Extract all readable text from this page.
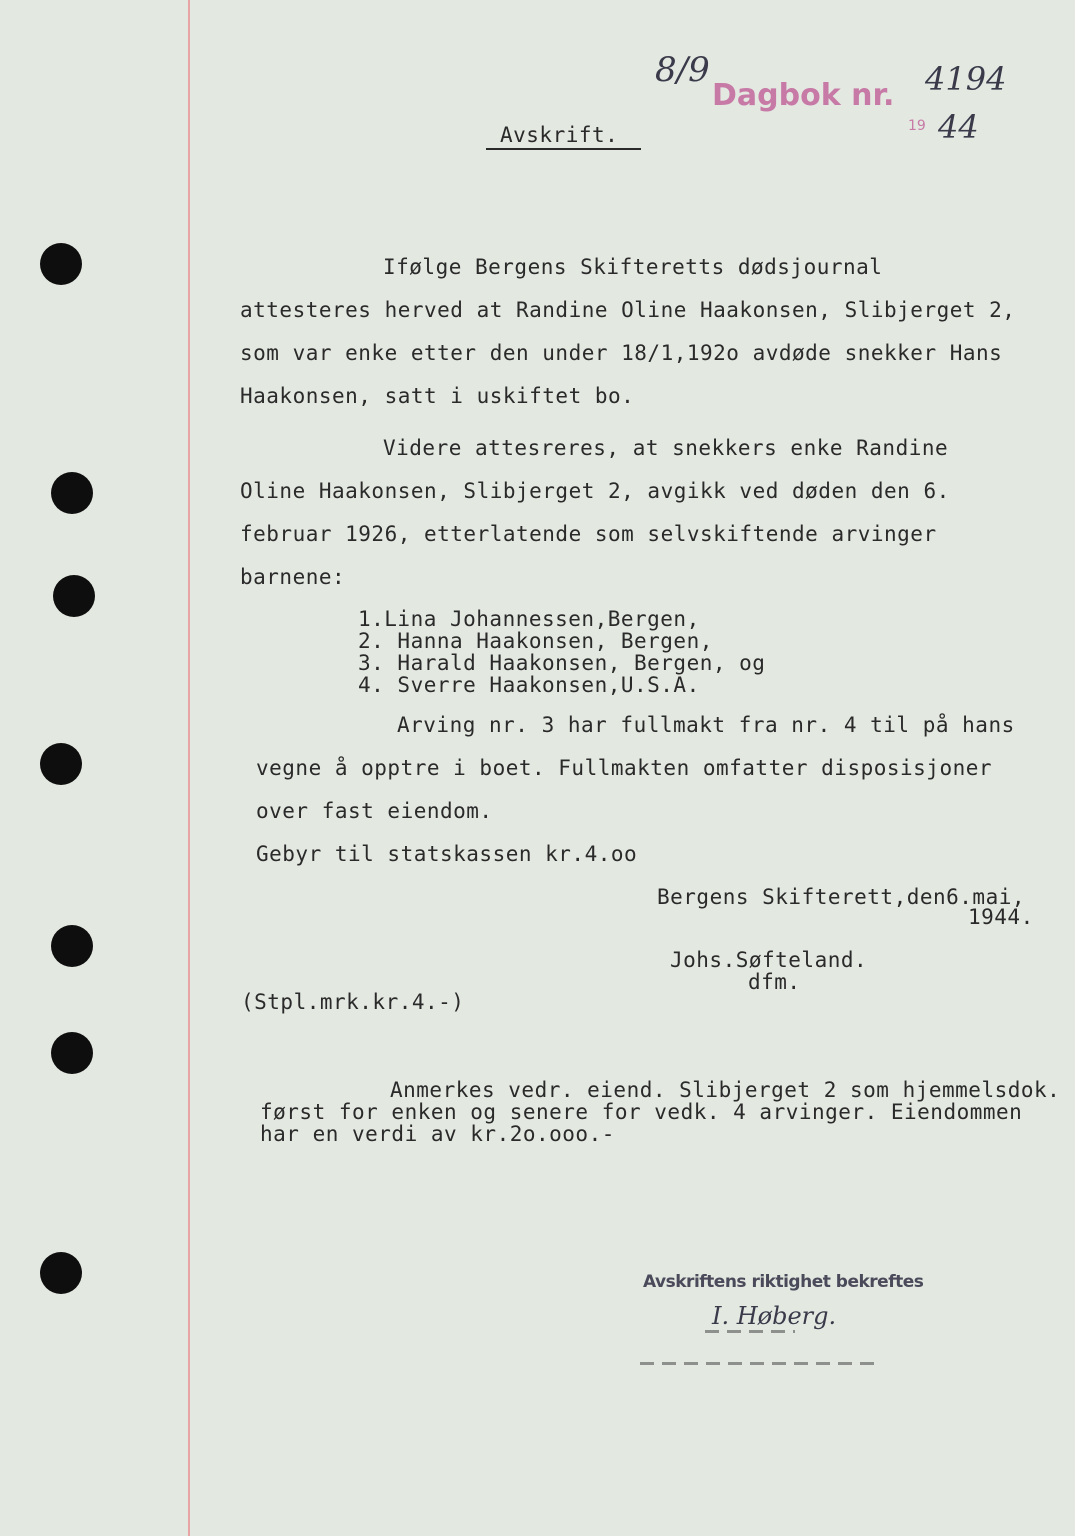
8/9
Dagbok nr. 4194
19 44
Avskrift.
Ifølge Bergens Skifteretts dødsjournal
attesteres herved at Randine Oline Haakonsen, Slibjerget 2,
som var enke etter den under 18/1,192o avdøde snekker Hans
Haakonsen, satt i uskiftet bo.
Videre attesreres, at snekkers enke Randine
Oline Haakonsen, Slibjerget 2, avgikk ved døden den 6.
februar 1926, etterlatende som selvskiftende arvinger
barnene:
1.Lina Johannessen,Bergen,
2. Hanna Haakonsen, Bergen,
3. Harald Haakonsen, Bergen, og
4. Sverre Haakonsen,U.S.A.
Arving nr. 3 har fullmakt fra nr. 4 til på hans
vegne å opptre i boet. Fullmakten omfatter disposisjoner
over fast eiendom.
Gebyr til statskassen kr.4.oo
Bergens Skifterett,den6.mai,
1944.
Johs.Søfteland.
dfm.
(Stpl.mrk.kr.4.-)
Anmerkes vedr. eiend. Slibjerget 2 som hjemmelsdok.
først for enken og senere for vedk. 4 arvinger. Eiendommen
har en verdi av kr.2o.ooo.-
Avskriftens riktighet bekreftes
I. Høberg.
